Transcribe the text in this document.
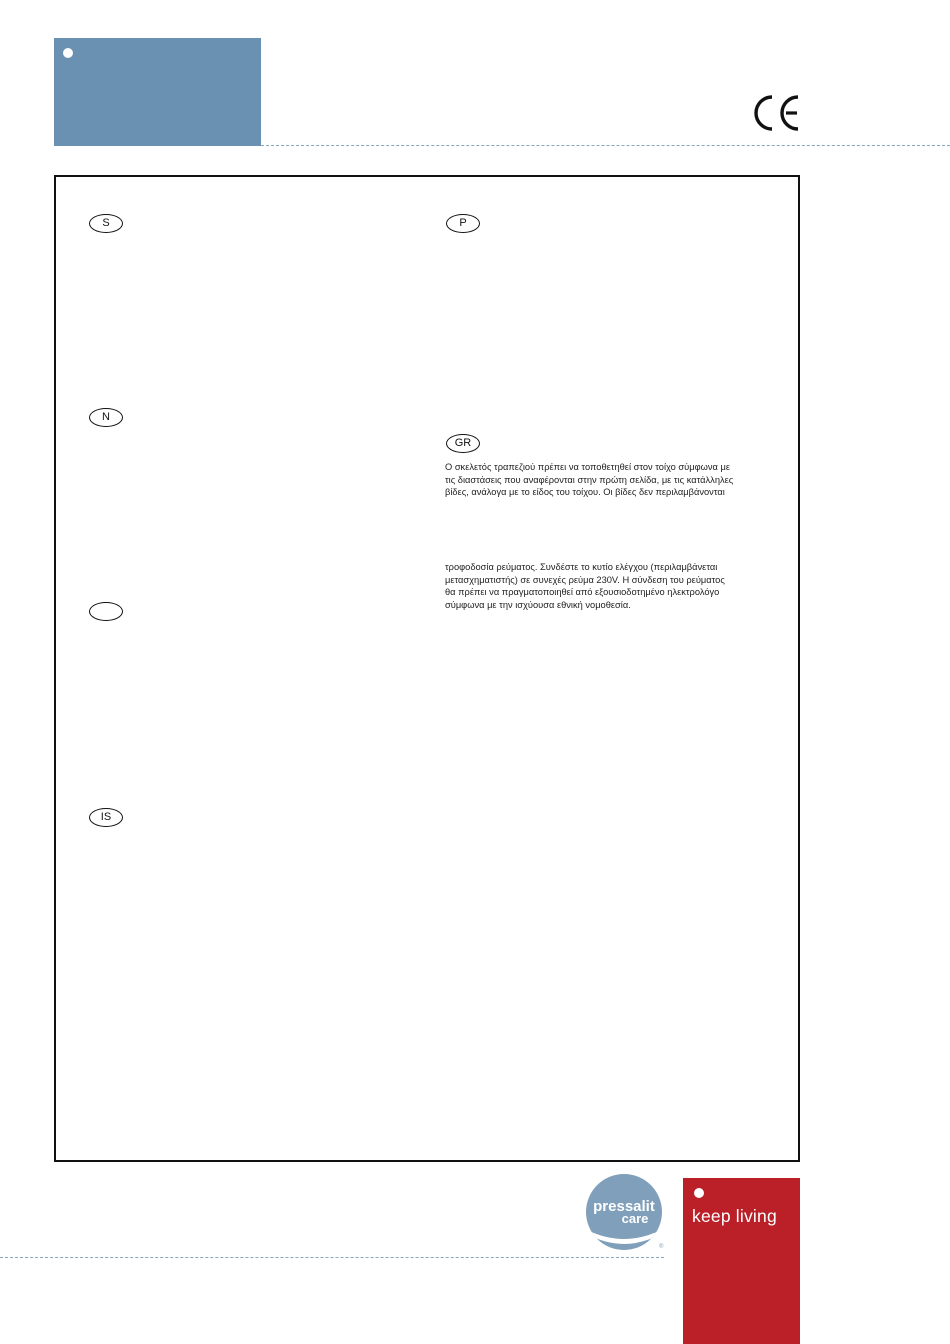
S
N
IS
P
GR
Ο σκελετός τραπεζιού πρέπει να τοποθετηθεί στον τοίχο σύμφωνα με
τις διαστάσεις που αναφέρονται στην πρώτη σελίδα, με τις κατάλληλες
βίδες, ανάλογα με το είδος του τοίχου. Οι βίδες δεν περιλαμβάνονται
τροφοδοσία ρεύματος. Συνδέστε το κυτίο ελέγχου (περιλαμβάνεται
μετασχηματιστής) σε συνεχές ρεύμα 230V. Η σύνδεση του ρεύματος
θα πρέπει να πραγματοποιηθεί από εξουσιοδοτημένο ηλεκτρολόγο
σύμφωνα με την ισχύουσα εθνική νομοθεσία.
pressalit
care
®
keep living
